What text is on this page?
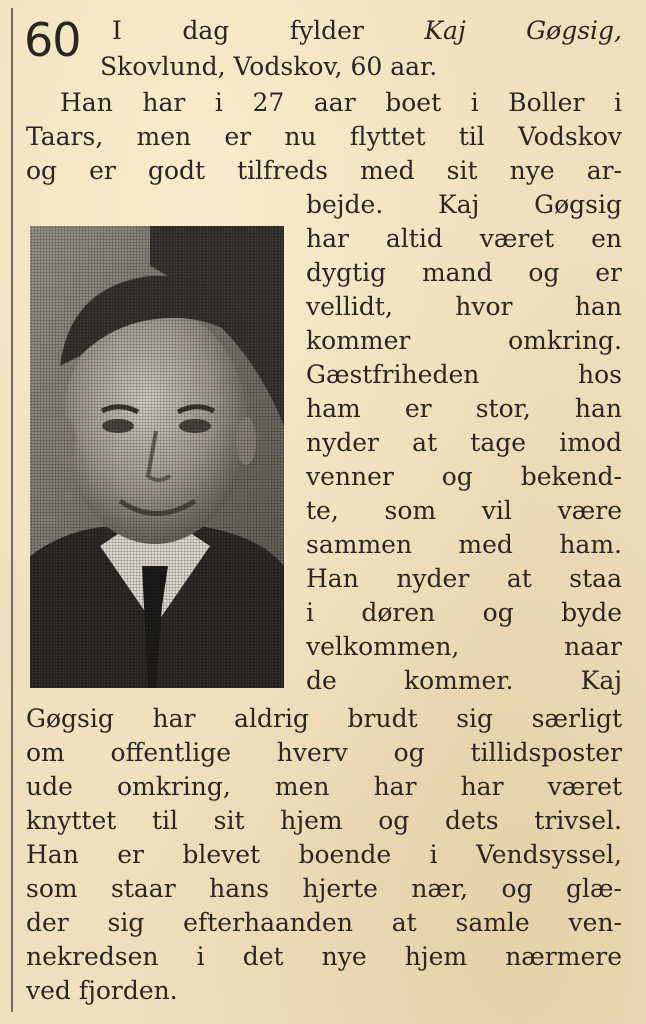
60 I dag fylder Kaj Gøgsig,
Skovlund, Vodskov, 60 aar.
Han har i 27 aar boet i Boller i
Taars, men er nu flyttet til Vodskov
og er godt tilfreds med sit nye ar-
bejde. Kaj Gøgsig
har altid været en
dygtig mand og er
vellidt, hvor han
kommer omkring.
Gæstfriheden hos
ham er stor, han
nyder at tage imod
venner og bekend-
te, som vil være
sammen med ham.
Han nyder at staa
i døren og byde
velkommen, naar
de kommer. Kaj
Gøgsig har aldrig brudt sig særligt
om offentlige hverv og tillidsposter
ude omkring, men har har været
knyttet til sit hjem og dets trivsel.
Han er blevet boende i Vendsyssel,
som staar hans hjerte nær, og glæ-
der sig efterhaanden at samle ven-
nekredsen i det nye hjem nærmere
ved fjorden.
